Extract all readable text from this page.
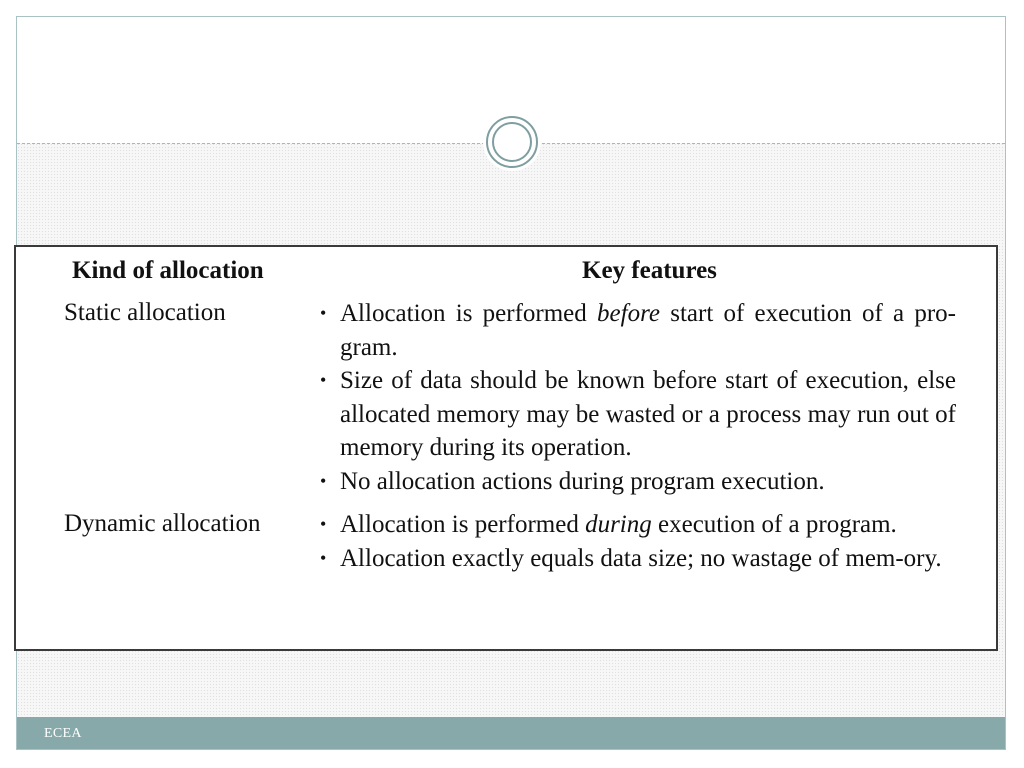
ECEA
Kind of allocation	Key features
Static allocation	• Allocation is performed before start of execution of a pro-gram.
• Size of data should be known before start of execution, else allocated memory may be wasted or a process may run out of memory during its operation.
• No allocation actions during program execution.
Dynamic allocation	• Allocation is performed during execution of a program.
• Allocation exactly equals data size; no wastage of mem-ory.
